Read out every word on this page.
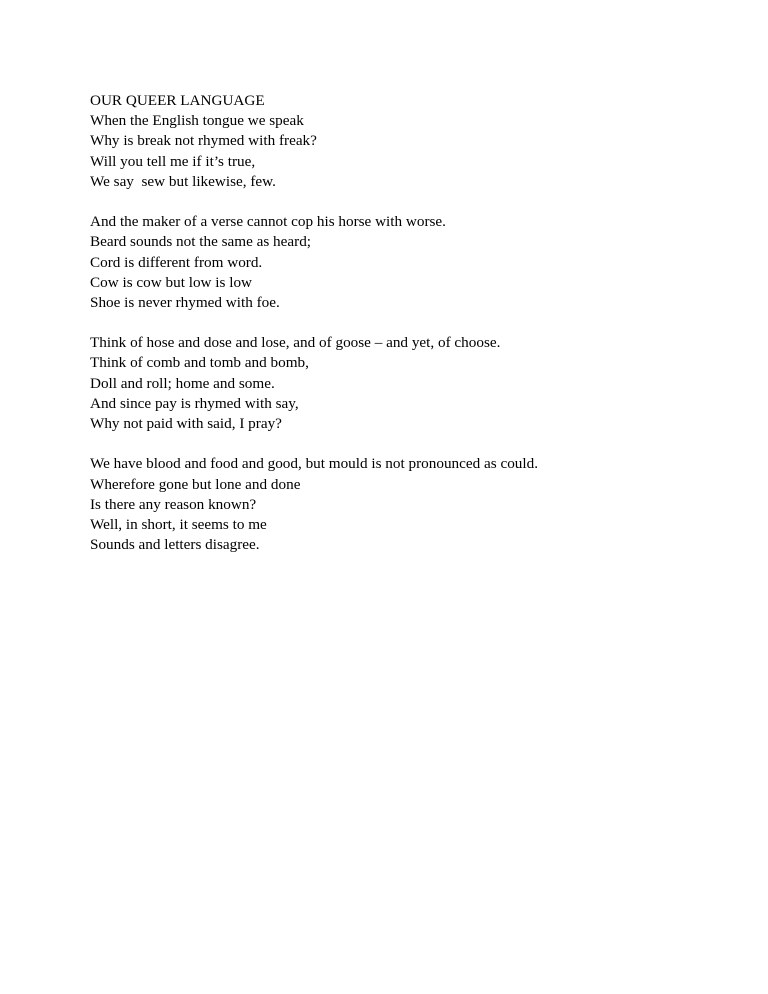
OUR QUEER LANGUAGE
When the English tongue we speak
Why is break not rhymed with freak?
Will you tell me if it’s true,
We say  sew but likewise, few.
And the maker of a verse cannot cop his horse with worse.
Beard sounds not the same as heard;
Cord is different from word.
Cow is cow but low is low
Shoe is never rhymed with foe.
Think of hose and dose and lose, and of goose – and yet, of choose.
Think of comb and tomb and bomb,
Doll and roll; home and some.
And since pay is rhymed with say,
Why not paid with said, I pray?
We have blood and food and good, but mould is not pronounced as could.
Wherefore gone but lone and done
Is there any reason known?
Well, in short, it seems to me
Sounds and letters disagree.
